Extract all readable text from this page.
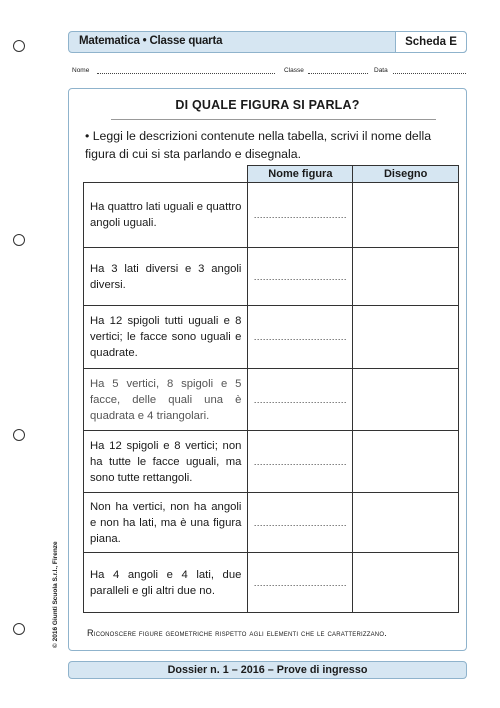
Matematica • Classe quarta	Scheda E
Nome	Classe	Data
DI QUALE FIGURA SI PARLA?
• Leggi le descrizioni contenute nella tabella, scrivi il nome della figura di cui si sta parlando e disegnala.
	Nome figura	Disegno
Ha quattro lati uguali e quattro angoli uguali.	...............................	
Ha 3 lati diversi e 3 angoli diversi.	...............................	
Ha 12 spigoli tutti uguali e 8 vertici; le facce sono uguali e quadrate.	...............................	
Ha 5 vertici, 8 spigoli e 5 facce, delle quali una è quadrata e 4 triangolari.	...............................	
Ha 12 spigoli e 8 vertici; non ha tutte le facce uguali, ma sono tutte rettangoli.	...............................	
Non ha vertici, non ha angoli e non ha lati, ma è una figura piana.	...............................	
Ha 4 angoli e 4 lati, due paralleli e gli altri due no.	...............................	
Riconoscere figure geometriche rispetto agli elementi che le caratterizzano.
© 2016 Giunti Scuola S.r.l., Firenze
Dossier n. 1 – 2016 – Prove di ingresso
